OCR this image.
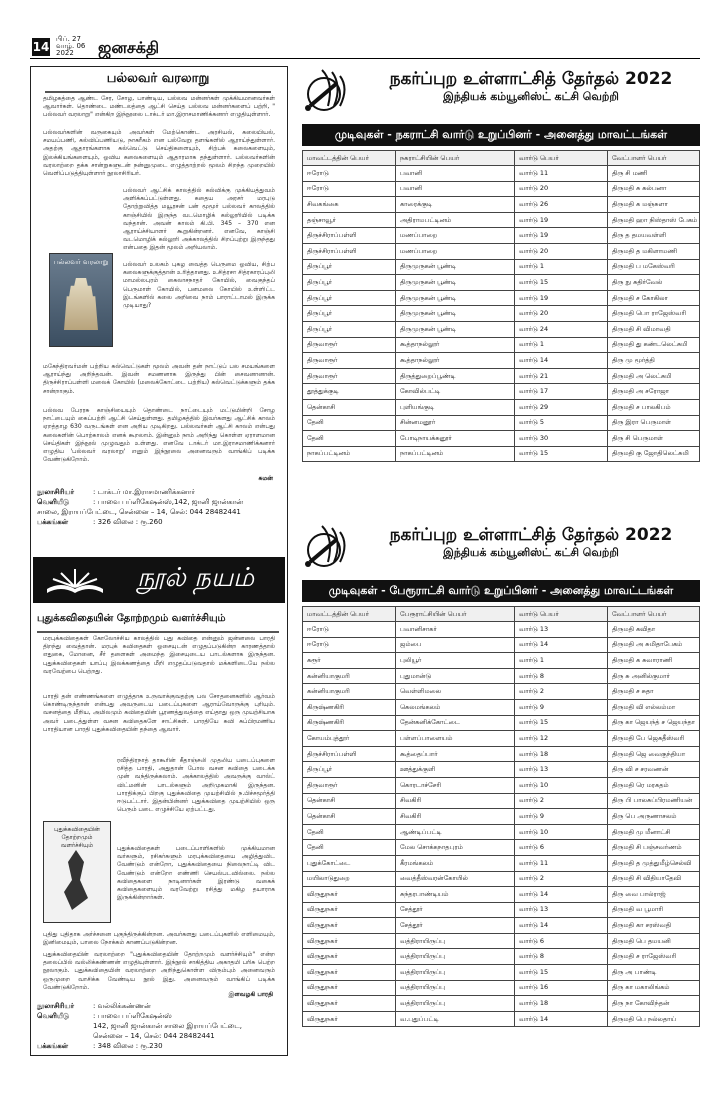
14
பிப். 27
வாழ். 06
2022	ஜனசக்தி
பல்லவர் வரலாறு
தமிழகத்தை ஆண்ட சேர, சோழ, பாண்டிய, பல்லவ மன்னர்கள் முக்கியமானவர்கள் ஆவார்கள். தொண்டை மண்டலத்தை ஆட்சி செய்த பல்லவ மன்னர்களைப் பற்றி, " பல்லவர் வரலாறு" என்கிற இந்நூலை டாக்டர் மா.இராசமாணிக்கனார் எழுதியுள்ளார்.
பல்லவர்களின் வருகையும் அவர்கள் மேற்கொண்ட அரசியல், கலையியல், சமயப்பணி, கல்விப்பணியடு, நாகரீகம் என பல்வேறு தளங்களில் ஆராய்ந்துள்ளார். அதற்கு ஆதாரங்களாக கல்வெட்டு செய்திகளையும், சிற்பக் கலைகளையும், இலக்கியங்களையும், ஓவிய கலைகளையும் ஆதாரமாக தந்துள்ளார். பல்லவர்களின் வரலாற்றை தக்க சான்றுகளுடன் நன்னுமுடை எழுத்தாற்றல் மூலம் சிறந்த முறையில் வெளிப்படுத்தியுள்ளார் நூலாசிரியர்.
பல்லவர் வரலாறு
பல்லவர் ஆட்சிக் காலத்தில் கல்விக்கு முக்கியத்துவம் அளிக்கப்பட்டுள்ளது. கதைய அரசர் மரபுடு தோற்றுவித்த மயூரசன் பன் மூமூர் பல்லவர் காலத்தில் காஞ்சியில் இருந்த வடமொழிக் கல்லூரியில் படிக்க வந்தான். அவன் காலம் கி.பி. 345 – 370 என ஆராய்ச்சியாளர் கூறுகின்றனர். எனவே, காஞ்சி வடமொழிக் கல்லூரி அக்காலத்தில் சிறப்புற்று இருந்தது என்பதை இதன் மூலம் அறியலாம்.
பல்லவர் உலகம் புகழ வைத்த பெருமை ஓவிய, சிற்ப கலைகளுக்குத்தான் உரித்தானது. உசித்ரசா சித்ரகாரப்புலி மாமல்லபுரம் கைலாசநாதர் கோயில், வைகுந்தப் பெருமாள் கோயில், பனமலை கோயில் உள்ளிட்ட இடங்களில் கலை அறிவை நாம் பாராட்டாமல் இருக்க முடியாது?
மகேந்திரவர்மன் பற்றிய கல்வெட்டுகள் மூலம் அவன் தன் நாட்டுப் பல சமயங்களை ஆராய்ந்து அறிந்தவன். இவன் சமணனாக இருந்து பின் சைவனானான். திருச்சிராப்பள்ளி மலைக் கோயில் (மலைக்கோட்டை பற்றிய) கல்வெட்டுக்களும் தக்க சான்றாகும்.
பல்லவ பேரரசு காஞ்சியையும் தொண்டை நாட்டையும் மட்டுமின்றி சோழ நாட்டையும் கைப்பற்றி ஆட்சி செய்துள்ளது. தமிழகத்தில் இவர்களது ஆட்சிக் காலம் ஏறத்தாழ 630 வருடங்கள் என அறிய முடிகிறது. பல்லவர்கள் ஆட்சி காலம் என்பது கலைகளின் பொற்காலம் எனக் கூறலாம். இன்னும் நாம் அறிந்து கொள்ள ஏராளமான செய்திகள் இந்நூல் முழுவதும் உள்ளது. எனவே டாக்டர் மா.இராசமாணிக்கனார் எழுதிய 'பல்லவர் வரலாறு' எனும் இந்நூலை அனைவரும் வாங்கிப் படிக்க வேண்டுகிறோம்.
சுமன்
நூலாசிரியர்	: டாக்டர் மா.இராசமாணிக்கனார்
வெளியீடு	: பாவை பப்ளிகேஷன்ஸ்,142, ஜானி ஜான்கான்
சாலை, இராயப்பேட்டை, சென்னை – 14, செல்: 044 28482441
பக்கங்கள்	: 326 விலை : ரூ.260
நூல் நயம்
புதுக்கவிதையின் தோற்றமும் வளர்ச்சியும்
மரபுக்கவிதைகள் கோலோச்சிய காலத்தில் புது கவிதை என்னும் ஜன்னலை பாரதி திறந்து வைத்தான். மரபுக் கவிதைகள் ஓசையுடன் எழுதப்படுகின்ற காரணத்தால் எதுகை, மோனை, சீர் தளைகள் அமைந்த இசையுடைய பாடல்களாக இருந்தன. புதுக்கவிதைகள் யாப்பு இலக்கணத்தை மீறி எழுதப்படுவதால் மக்களிடையே நல்ல வரவேற்பை பெற்றது.
பாரதி தன் எண்ணங்களை எழுத்தாக உருவாக்குவதற்கு பல சோதனைகளில் ஆர்வம் கொண்டிருந்தான் என்பது அவருடைய படைப்புகளை ஆராய்வோருக்கு புரியும். வசனத்தை மீறிய, அமிலமும் கவிதையின் பூரணத்துவத்தை எய்தாது ஒரு முயற்சியாக அவர் படைத்துள்ள வசன கவிதைகளே சாட்சிகள். பாரதியே கவி சுப்பிரமணிய பாரதியான பாரதி புதுக்கவிதையின் தந்தை ஆவார்.
புதுக்கவிதையின் தோற்றமும் வளர்ச்சியும்
ரவீந்திரநாத் தாகூரின் கீதாஞ்சலி முதலிய படைப்புகளை ரசித்த பாரதி, அதுதான் போல வசன கவிதை படைக்க முன் வந்திருக்கலாம். அக்காலத்தில் அவருக்கு வால்ட் விட்மனின் பாடல்களும் அறிமுகமாகி இருந்தன. பாரதிக்குப் பிறகு புதுக்கவிதை முயற்சியில் ந.பிச்சமூர்த்தி ஈடுபட்டார். இதன்பின்னர் புதுக்கவிதை முயற்சியில் ஒரு பெரும் படை எழுச்சியே ஏற்பட்டது.
புதுக்கவிதைகள் படைப்பாளிகளில் முக்கியமான வர்களும், ரசிகர்களும் மரபுக்கவிதையை அழித்துவிட வேண்டும் என்றோ, புதுக்கவிதையை நிலைநாட்டி விட வேண்டும் என்றோ எண்ணி செயல்படவில்லை. நல்ல கவிதைகளை நாடினார்கள் இரண்டு வகைக் கவிதைகளையும் வரவேற்று ரசித்து மகிழ தயாராக இருக்கின்றார்கள்.
புதிது புதிதாக அர்ச்சனை புகுந்திருக்கின்றன. அவர்களது படைப்புகளில் எளிமையும், இனிமையும், பாலை நோக்கம் காணப்படுகின்றன.
புதுக்கவிதையின் வரலாற்றை "புதுக்கவிதையின் தோற்றமும் வளர்ச்சியும்" என்ற தலைப்பில் வல்லிக்கண்ணன் எழுதியுள்ளார். இந்நூல் சாகித்திய அகாதமி பரிசு பெற்ற நூலாகும். புதுக்கவிதையின் வரலாற்றை அறிந்துகொள்ள விரும்பும் அனைவரும் ஒருமுறை வாசிக்க வேண்டிய நூல் இது. அனைவரும் வாங்கிப் படிக்க வேண்டுகிறோம்.
இளவழகி பாரதி
நூலாசிரியர்	: வல்லிக்கண்ணன்
வெளியீடு	: பாவை பப்ளிகேஷன்ஸ்
142, ஜானி ஜான்கான் சாலை இராயப்பேட்டை,
சென்னை – 14, செல்: 044 28482441
பக்கங்கள்	: 348 விலை : ரூ.230
நகர்ப்புற உள்ளாட்சித் தேர்தல் 2022
இந்தியக் கம்யூனிஸ்ட் கட்சி வெற்றி
முடிவுகள் - நகராட்சி வார்டு உறுப்பினர் - அனைத்து மாவட்டங்கள்
மாவட்டத்தின் பெயர்	நகராட்சியின் பெயர்	வார்டு பெயர்	வேட்பாளர் பெயர்
ஈரோடு	பவானி	வார்டு 11	திரு சி மணி
ஈரோடு	பவானி	வார்டு 20	திருமதி சு கல்பனா
சிவகங்கை	காரைக்குடி	வார்டு 26	திருமதி க மஞ்சுளா
தஞ்சாவூர்	அதிராமபட்டினம்	வார்டு 19	திருமதி ஹா நிஸ்தாஸ் பேகம்
திருச்சிராப்பள்ளி	மணப்பாறை	வார்டு 19	திரு த தமயவள்ளி
திருச்சிராப்பள்ளி	மணப்பாறை	வார்டு 20	திருமதி த மகிளாமணி
திருப்பூர்	திருமுருகன் பூண்டி	வார்டு 1	திருமதி ப மகேஸ்வரி
திருப்பூர்	திருமுருகன் பூண்டி	வார்டு 15	திரு நு சுதிர்வேல்
திருப்பூர்	திருமுருகன் பூண்டி	வார்டு 19	திருமதி ச கோகிலா
திருப்பூர்	திருமுருகன் பூண்டி	வார்டு 20	திருமதி பொ ராஜேஸ்வரி
திருப்பூர்	திருமுருகன் பூண்டி	வார்டு 24	திருமதி சி விமாவதி
திருவாரூர்	கூத்தாநல்லூர்	வார்டு 1	திருமதி து கண்டலெட்சுமி
திருவாரூர்	கூத்தாநல்லூர்	வார்டு 14	திரு மு மூர்த்தி
திருவாரூர்	திருத்துறைப்பூண்டி	வார்டு 21	திருமதி அ லெட்சுமி
தூத்துக்குடி	கோவில்பட்டி	வார்டு 17	திருமதி அ சரோஜா
தென்காசி	புளியங்குடி	வார்டு 29	திருமதி ச பாலகிபம்
தேனி	சின்னமனூர்	வார்டு 5	திரு இரா பெருமாள்
தேனி	போடிநாயக்கனூர்	வார்டு 30	திரு சி பெருமாள்
நாகப்பட்டினம்	நாகப்பட்டினம்	வார்டு 15	திருமதி கு ஜோதிலெட்சுமி
நகர்ப்புற உள்ளாட்சித் தேர்தல் 2022
இந்தியக் கம்யூனிஸ்ட் கட்சி வெற்றி
முடிவுகள் - பேரூராட்சி வார்டு உறுப்பினர் - அனைத்து மாவட்டங்கள்
மாவட்டத்தின் பெயர்	பேரூராட்சியின் பெயர்	வார்டு பெயர்	வேட்பாளர் பெயர்
ஈரோடு	பவானிசாகர்	வார்டு 13	திருமதி கவிதா
ஈரோடு	ஜம்பை	வார்டு 14	திருமதி அ சுமிதாபேகம்
கரூர்	புலியூர்	வார்டு 1	திருமதி க சுவாராணி
கன்னியாகுமரி	புதுமான்டு	வார்டு 8	திரு சு அனில்குமார்
கன்னியாகுமரி	வெள்ளிமலை	வார்டு 2	திருமதி ச சுதா
கிருஷ்ணகிரி	கெலமங்கலம்	வார்டு 9	திருமதி வி எல்லம்மா
கிருஷ்ணகிரி	தேன்கனிக்கோட்டை	வார்டு 15	திரு கா ஜெயந்த் ச ஜெயந்தா
கோயம்புத்தூர்	பள்ளப்பாளையம்	வார்டு 12	திருமதி பே ஜெகதீஸ்வரி
திருச்சிராப்பள்ளி	கூத்தைப்பார்	வார்டு 18	திருமதி ஜெ வைகுந்தியா
திருப்பூர்	ஊத்துக்குளி	வார்டு 13	திரு வி ச சரவணன்
திருவாரூர்	கொரடாச்சேரி	வார்டு 10	திருமதி ரெ மரகதம்
தென்காசி	சிவகிரி	வார்டு 2	திரு பி பாலசுப்பிரமணியன்
தென்காசி	சிவகிரி	வார்டு 9	திரு பெ அருணாசலம்
தேனி	ஆண்டிப்பட்டி	வார்டு 10	திருமதி மு மீனாட்சி
தேனி	மேல சொக்கநாதபுரம்	வார்டு 6	திருமதி சி பஞ்சவர்ணம்
புதுக்கோட்டை	கீரமங்கலம்	வார்டு 11	திருமதி த முத்துமீழ்செல்வி
மயிலாடுதுறை	வைத்தீஸ்வரன்கோயில்	வார்டு 2	திருமதி சி விதியாதேவி
விருதுநகர்	சுந்தரபாண்டியம்	வார்டு 14	திரு வை பால்ராஜ்
விருதுநகர்	சேத்தூர்	வார்டு 13	திருமதி வ பூமாரி
விருதுநகர்	சேத்தூர்	வார்டு 14	திருமதி கா சரஸ்வதி
விருதுநகர்	வத்திராயிருப்பு	வார்டு 6	திருமதி பெ தமயனி
விருதுநகர்	வத்திராயிருப்பு	வார்டு 8	திருமதி ச ராஜேஸ்வரி
விருதுநகர்	வத்திராயிருப்பு	வார்டு 15	திரு அ பாண்டி
விருதுநகர்	வத்திராயிருப்பு	வார்டு 16	திரு கா மகாலிங்கம்
விருதுநகர்	வத்திராயிருப்பு	வார்டு 18	திரு நா கோவிந்தன்
விருதுநகர்	வ.புதுப்பட்டி	வார்டு 14	திருமதி பெ நல்லதாய்
